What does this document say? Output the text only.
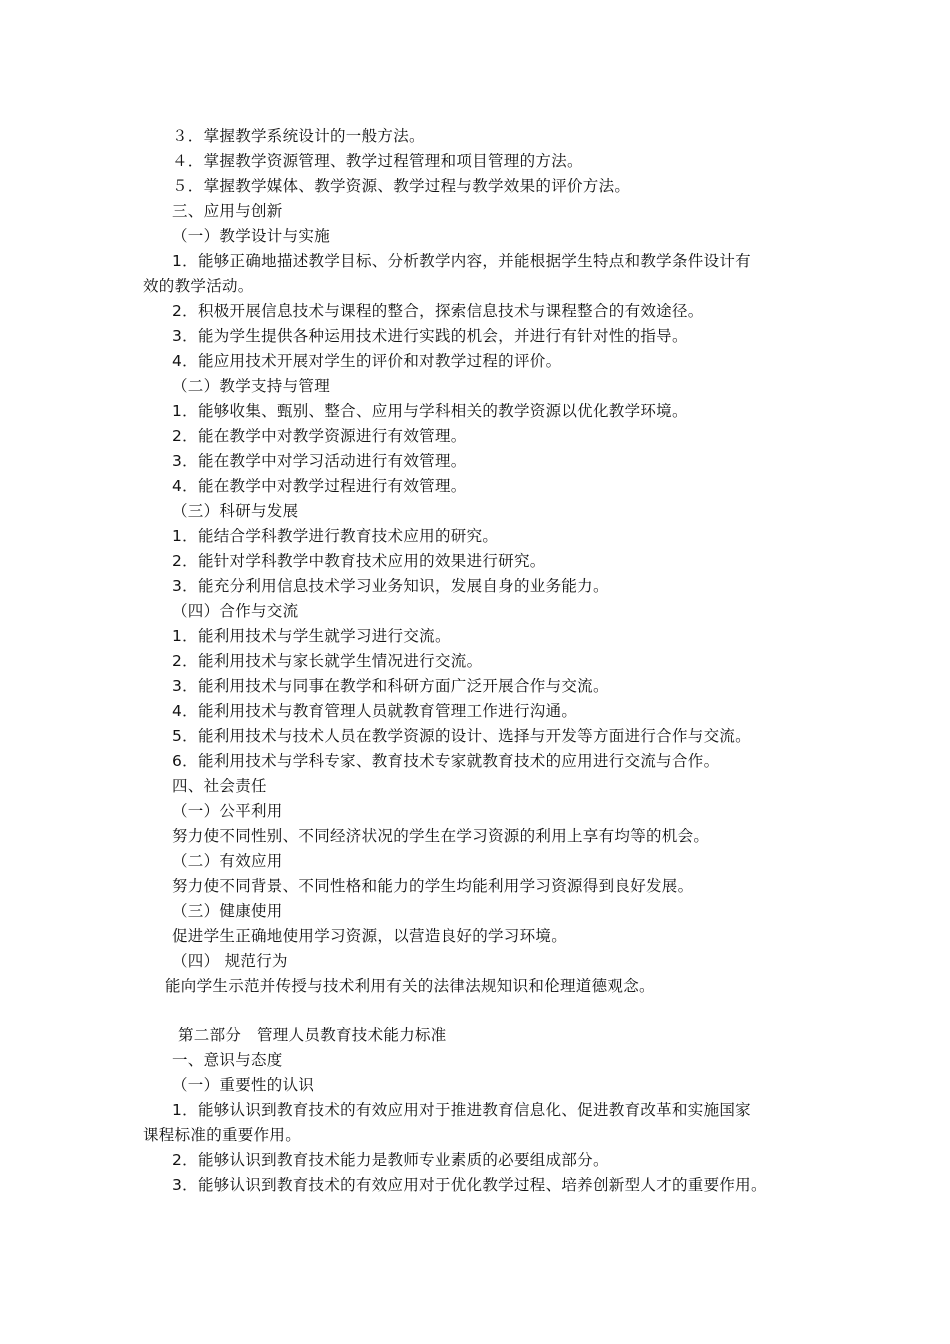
３．掌握教学系统设计的一般方法。
４．掌握教学资源管理、教学过程管理和项目管理的方法。
５．掌握教学媒体、教学资源、教学过程与教学效果的评价方法。
三、应用与创新
（一）教学设计与实施
1．能够正确地描述教学目标、分析教学内容，并能根据学生特点和教学条件设计有
效的教学活动。
2．积极开展信息技术与课程的整合，探索信息技术与课程整合的有效途径。
3．能为学生提供各种运用技术进行实践的机会，并进行有针对性的指导。
4．能应用技术开展对学生的评价和对教学过程的评价。
（二）教学支持与管理
1．能够收集、甄别、整合、应用与学科相关的教学资源以优化教学环境。
2．能在教学中对教学资源进行有效管理。
3．能在教学中对学习活动进行有效管理。
4．能在教学中对教学过程进行有效管理。
（三）科研与发展
1．能结合学科教学进行教育技术应用的研究。
2．能针对学科教学中教育技术应用的效果进行研究。
3．能充分利用信息技术学习业务知识，发展自身的业务能力。
（四）合作与交流
1．能利用技术与学生就学习进行交流。
2．能利用技术与家长就学生情况进行交流。
3．能利用技术与同事在教学和科研方面广泛开展合作与交流。
4．能利用技术与教育管理人员就教育管理工作进行沟通。
5．能利用技术与技术人员在教学资源的设计、选择与开发等方面进行合作与交流。
6．能利用技术与学科专家、教育技术专家就教育技术的应用进行交流与合作。
四、社会责任
（一）公平利用
努力使不同性别、不同经济状况的学生在学习资源的利用上享有均等的机会。
（二）有效应用
努力使不同背景、不同性格和能力的学生均能利用学习资源得到良好发展。
（三）健康使用
促进学生正确地使用学习资源，以营造良好的学习环境。
（四） 规范行为
能向学生示范并传授与技术利用有关的法律法规知识和伦理道德观念。
第二部分　管理人员教育技术能力标准
一、意识与态度
（一）重要性的认识
1．能够认识到教育技术的有效应用对于推进教育信息化、促进教育改革和实施国家
课程标准的重要作用。
2．能够认识到教育技术能力是教师专业素质的必要组成部分。
3．能够认识到教育技术的有效应用对于优化教学过程、培养创新型人才的重要作用。
